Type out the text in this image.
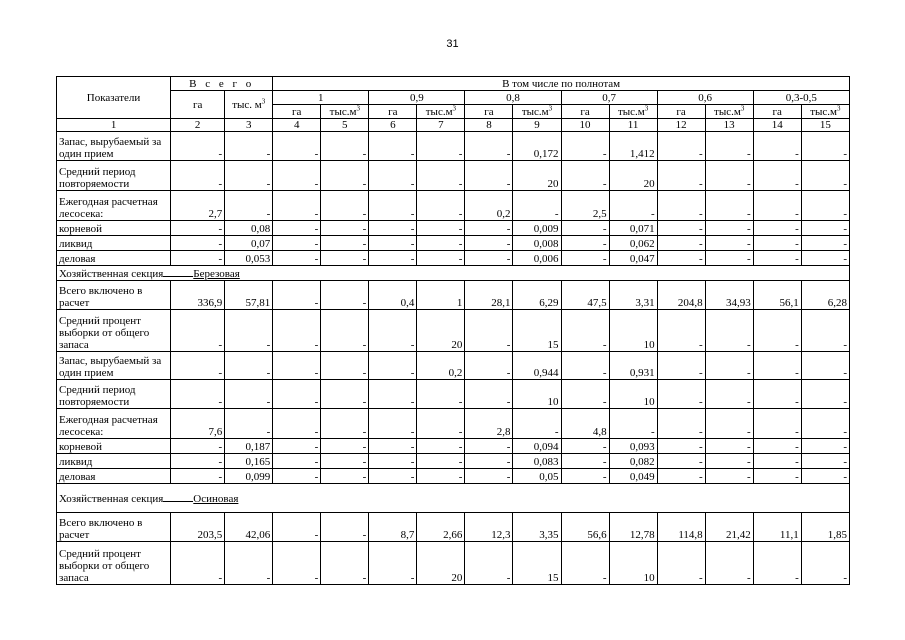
31
Показатели	В с е г о		В том числе по полнотам											
	га	тыс. $м^3$	1		0,9		0,8		0,7		0,6		0,3-0,5	
			га	$тыс.м^3$	га	$тыс.м^3$	га	$тыс.м^3$	га	$тыс.м^3$	га	$тыс.м^3$	га	$тыс.м^3$
1	2	3	4	5	6	7	8	9	10	11	12	13	14	15
Запас, вырубаемый за один прием	-	-	-	-	-	-	-	0,172	-	1,412	-	-	-	-
Средний период повторяемости	-	-	-	-	-	-	-	20	-	20	-	-	-	-
Ежегодная расчетная лесосека:	2,7	-	-	-	-	-	0,2	-	2,5	-	-	-	-	-
корневой	-	0,08	-	-	-	-	-	0,009	-	0,071	-	-	-	-
ликвид	-	0,07	-	-	-	-	-	0,008	-	0,062	-	-	-	-
деловая	-	0,053	-	-	-	-	-	0,006	-	0,047	-	-	-	-
Хозяйственная секция Березовая														
Всего включено в расчет	336,9	57,81	-	-	0,4	1	28,1	6,29	47,5	3,31	204,8	34,93	56,1	6,28
Средний процент выборки от общего запаса	-	-	-	-	-	20	-	15	-	10	-	-	-	-
Запас, вырубаемый за один прием	-	-	-	-	-	0,2	-	0,944	-	0,931	-	-	-	-
Средний период повторяемости	-	-	-	-	-	-	-	10	-	10	-	-	-	-
Ежегодная расчетная лесосека:	7,6	-	-	-	-	-	2,8	-	4,8	-	-	-	-	-
корневой	-	0,187	-	-	-	-	-	0,094	-	0,093	-	-	-	-
ликвид	-	0,165	-	-	-	-	-	0,083	-	0,082	-	-	-	-
деловая	-	0,099	-	-	-	-	-	0,05	-	0,049	-	-	-	-
Хозяйственная секция Осиновая														
Всего включено в расчет	203,5	42,06	-	-	8,7	2,66	12,3	3,35	56,6	12,78	114,8	21,42	11,1	1,85
Средний процент выборки от общего запаса	-	-	-	-	-	20	-	15	-	10	-	-	-	-
